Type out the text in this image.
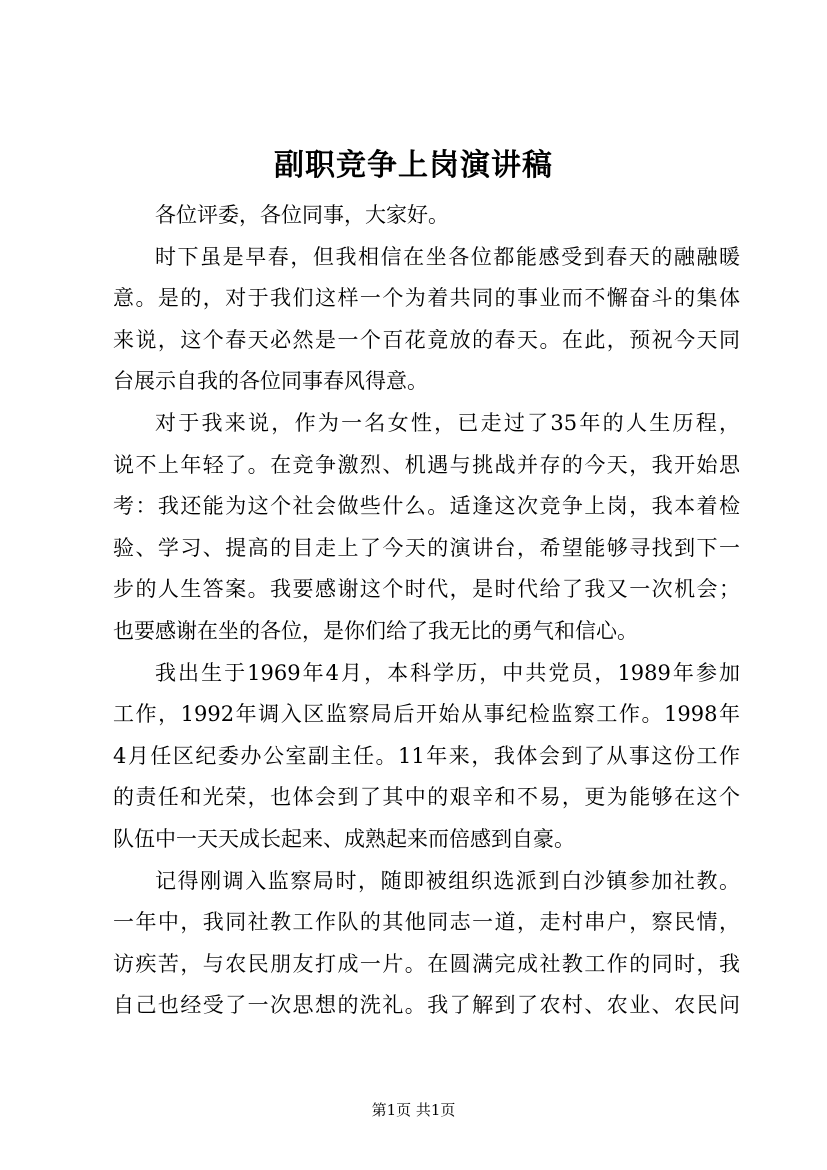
副职竞争上岗演讲稿
各位评委，各位同事，大家好。
时下虽是早春，但我相信在坐各位都能感受到春天的融融暖
意。是的，对于我们这样一个为着共同的事业而不懈奋斗的集体
来说，这个春天必然是一个百花竟放的春天。在此，预祝今天同
台展示自我的各位同事春风得意。
对于我来说，作为一名女性，已走过了35年的人生历程，
说不上年轻了。在竞争激烈、机遇与挑战并存的今天，我开始思
考：我还能为这个社会做些什么。适逢这次竞争上岗，我本着检
验、学习、提高的目走上了今天的演讲台，希望能够寻找到下一
步的人生答案。我要感谢这个时代，是时代给了我又一次机会；
也要感谢在坐的各位，是你们给了我无比的勇气和信心。
我出生于1969年4月，本科学历，中共党员，1989年参加
工作，1992年调入区监察局后开始从事纪检监察工作。1998年
4月任区纪委办公室副主任。11年来，我体会到了从事这份工作
的责任和光荣，也体会到了其中的艰辛和不易，更为能够在这个
队伍中一天天成长起来、成熟起来而倍感到自豪。
记得刚调入监察局时，随即被组织选派到白沙镇参加社教。
一年中，我同社教工作队的其他同志一道，走村串户，察民情，
访疾苦，与农民朋友打成一片。在圆满完成社教工作的同时，我
自己也经受了一次思想的洗礼。我了解到了农村、农业、农民问
第1页 共1页
